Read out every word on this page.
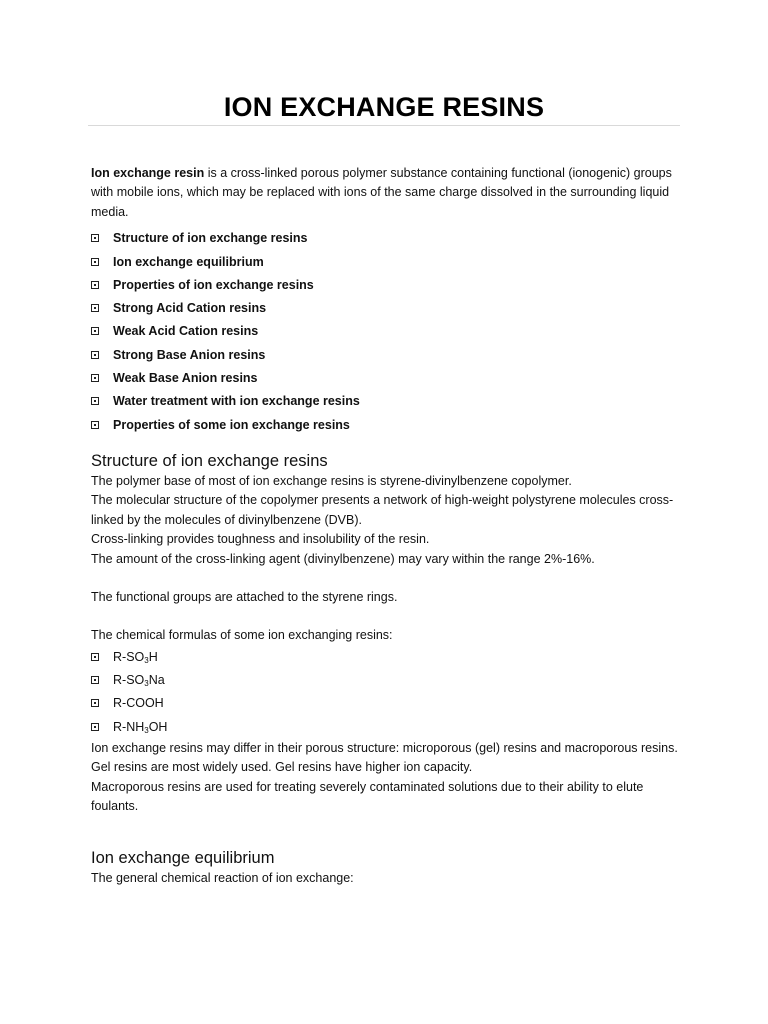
ION EXCHANGE RESINS

Ion exchange resin is a cross-linked porous polymer substance containing functional (ionogenic) groups with mobile ions, which may be replaced with ions of the same charge dissolved in the surrounding liquid media.

Structure of ion exchange resins
Ion exchange equilibrium
Properties of ion exchange resins
Strong Acid Cation resins
Weak Acid Cation resins
Strong Base Anion resins
Weak Base Anion resins
Water treatment with ion exchange resins
Properties of some ion exchange resins
Structure of ion exchange resins

The polymer base of most of ion exchange resins is styrene-divinylbenzene copolymer.

The molecular structure of the copolymer presents a network of high-weight polystyrene molecules cross-linked by the molecules of divinylbenzene (DVB).

Cross-linking provides toughness and insolubility of the resin.

The amount of the cross-linking agent (divinylbenzene) may vary within the range 2%-16%.

The functional groups are attached to the styrene rings.

The chemical formulas of some ion exchanging resins:

$R-SO_3H$
$R-SO_3Na$
R-COOH
$R-NH_3OH$

Ion exchange resins may differ in their porous structure: microporous (gel) resins and macroporous resins.

Gel resins are most widely used. Gel resins have higher ion capacity.

Macroporous resins are used for treating severely contaminated solutions due to their ability to elute foulants.

Ion exchange equilibrium

The general chemical reaction of ion exchange:
